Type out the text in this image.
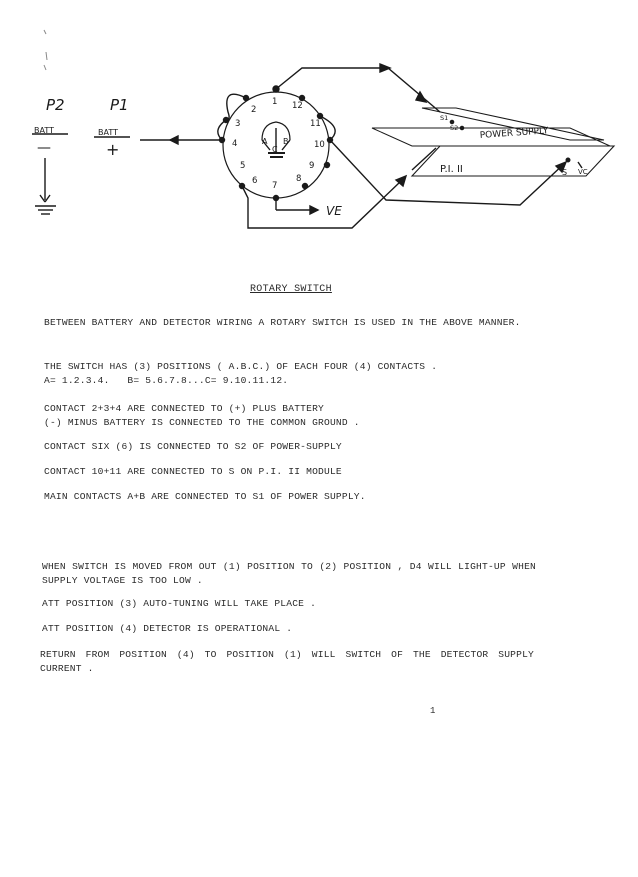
P2
BATT
—
P1
BATT
+
1
2
3
4
5
6 7
8
9
10
11
12
A B
C
VE
POWER SUPPLY
S1
S2
P.I. II	S VC
ROTARY SWITCH
BETWEEN BATTERY AND DETECTOR WIRING A ROTARY SWITCH IS USED IN THE ABOVE MANNER.
THE SWITCH HAS (3) POSITIONS ( A.B.C.) OF EACH FOUR (4) CONTACTS .
A= 1.2.3.4.   B= 5.6.7.8...C= 9.10.11.12.
CONTACT 2+3+4 ARE CONNECTED TO (+) PLUS BATTERY
(-) MINUS BATTERY IS CONNECTED TO THE COMMON GROUND .
CONTACT SIX (6) IS CONNECTED TO S2 OF POWER-SUPPLY
CONTACT 10+11 ARE CONNECTED TO S ON P.I. II MODULE
MAIN CONTACTS A+B ARE CONNECTED TO S1 OF POWER SUPPLY.
WHEN SWITCH IS MOVED FROM OUT (1) POSITION TO (2) POSITION , D4 WILL LIGHT-UP WHEN SUPPLY VOLTAGE IS TOO LOW .
ATT POSITION (3) AUTO-TUNING WILL TAKE PLACE .
ATT POSITION (4) DETECTOR IS OPERATIONAL .
RETURN FROM POSITION (4) TO POSITION (1) WILL SWITCH OF THE DETECTOR SUPPLY CURRENT .
1
